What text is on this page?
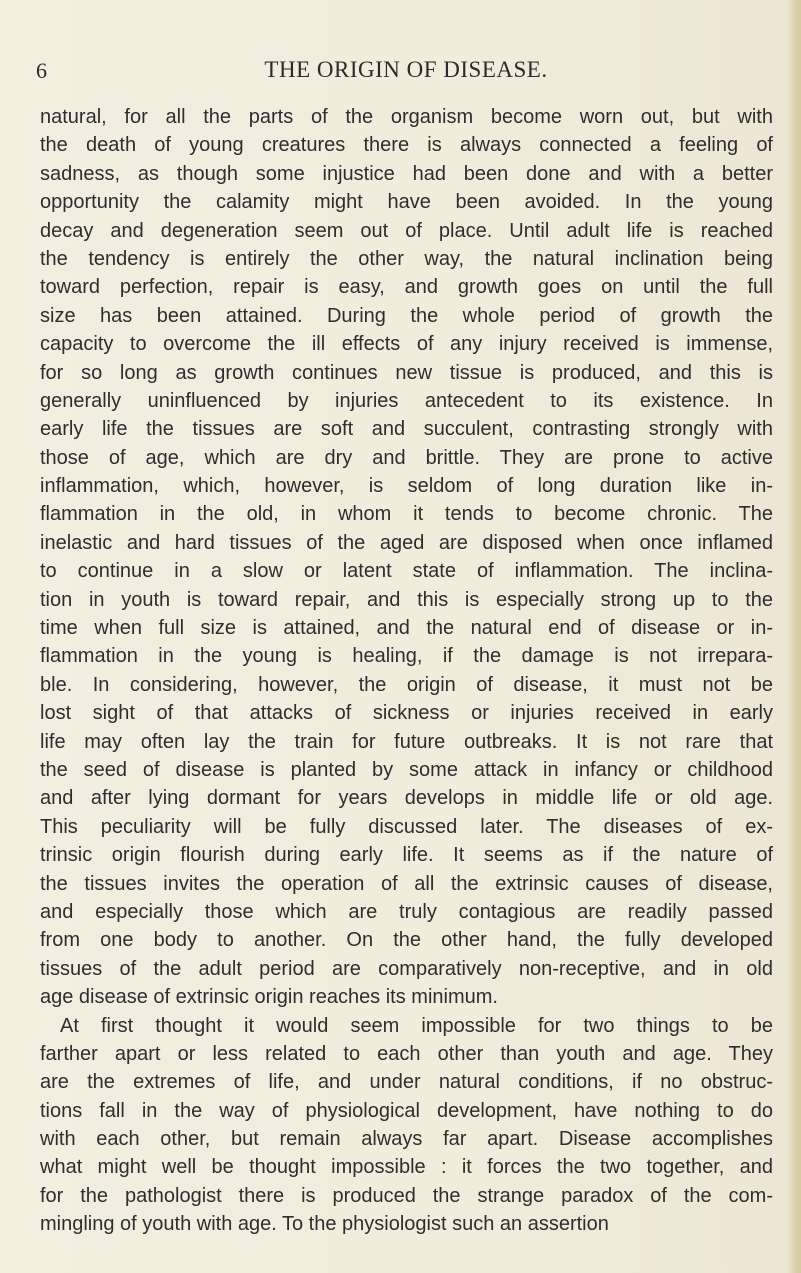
6	THE ORIGIN OF DISEASE.
natural, for all the parts of the organism become worn out, but with
the death of young creatures there is always connected a feeling of
sadness, as though some injustice had been done and with a better
opportunity the calamity might have been avoided. In the young
decay and degeneration seem out of place. Until adult life is reached
the tendency is entirely the other way, the natural inclination being
toward perfection, repair is easy, and growth goes on until the full
size has been attained. During the whole period of growth the
capacity to overcome the ill effects of any injury received is immense,
for so long as growth continues new tissue is produced, and this is
generally uninfluenced by injuries antecedent to its existence. In
early life the tissues are soft and succulent, contrasting strongly with
those of age, which are dry and brittle. They are prone to active
inflammation, which, however, is seldom of long duration like in-
flammation in the old, in whom it tends to become chronic. The
inelastic and hard tissues of the aged are disposed when once inflamed
to continue in a slow or latent state of inflammation. The inclina-
tion in youth is toward repair, and this is especially strong up to the
time when full size is attained, and the natural end of disease or in-
flammation in the young is healing, if the damage is not irrepara-
ble. In considering, however, the origin of disease, it must not be
lost sight of that attacks of sickness or injuries received in early
life may often lay the train for future outbreaks. It is not rare that
the seed of disease is planted by some attack in infancy or childhood
and after lying dormant for years develops in middle life or old age.
This peculiarity will be fully discussed later. The diseases of ex-
trinsic origin flourish during early life. It seems as if the nature of
the tissues invites the operation of all the extrinsic causes of disease,
and especially those which are truly contagious are readily passed
from one body to another. On the other hand, the fully developed
tissues of the adult period are comparatively non-receptive, and in old
age disease of extrinsic origin reaches its minimum.
At first thought it would seem impossible for two things to be
farther apart or less related to each other than youth and age. They
are the extremes of life, and under natural conditions, if no obstruc-
tions fall in the way of physiological development, have nothing to do
with each other, but remain always far apart. Disease accomplishes
what might well be thought impossible : it forces the two together, and
for the pathologist there is produced the strange paradox of the com-
mingling of youth with age. To the physiologist such an assertion
